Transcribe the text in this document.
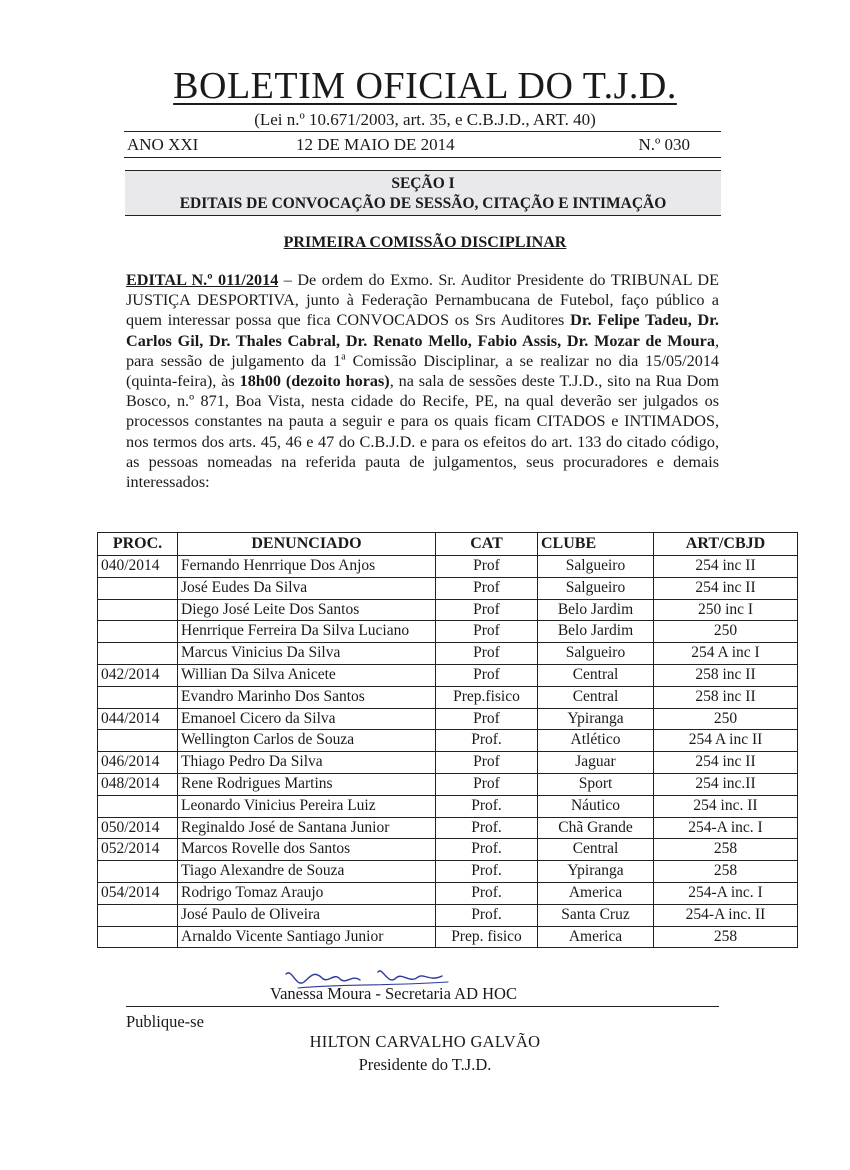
BOLETIM OFICIAL DO T.J.D.
(Lei n.º 10.671/2003, art. 35, e C.B.J.D., ART. 40)
ANO XXI	12 DE MAIO DE 2014	N.º 030
SEÇÃO I
EDITAIS DE CONVOCAÇÃO DE SESSÃO, CITAÇÃO E INTIMAÇÃO
PRIMEIRA COMISSÃO DISCIPLINAR
EDITAL N.º 011/2014 – De ordem do Exmo. Sr. Auditor Presidente do TRIBUNAL DE JUSTIÇA DESPORTIVA, junto à Federação Pernambucana de Futebol, faço público a quem interessar possa que fica CONVOCADOS os Srs Auditores Dr. Felipe Tadeu, Dr. Carlos Gil, Dr. Thales Cabral, Dr. Renato Mello, Fabio Assis, Dr. Mozar de Moura, para sessão de julgamento da 1$^a$ Comissão Disciplinar, a se realizar no dia 15/05/2014 (quinta-feira), às 18h00 (dezoito horas), na sala de sessões deste T.J.D., sito na Rua Dom Bosco, n.º 871, Boa Vista, nesta cidade do Recife, PE, na qual deverão ser julgados os processos constantes na pauta a seguir e para os quais ficam CITADOS e INTIMADOS, nos termos dos arts. 45, 46 e 47 do C.B.J.D. e para os efeitos do art. 133 do citado código, as pessoas nomeadas na referida pauta de julgamentos, seus procuradores e demais interessados:
PROC.	DENUNCIADO	CAT	CLUBE	ART/CBJD
040/2014	Fernando Henrrique Dos Anjos	Prof	Salgueiro	254 inc II
	José Eudes Da Silva	Prof	Salgueiro	254 inc II
	Diego José Leite Dos Santos	Prof	Belo Jardim	250 inc I
	Henrrique Ferreira Da Silva Luciano	Prof	Belo Jardim	250
	Marcus Vinicius Da Silva	Prof	Salgueiro	254 A inc I
042/2014	Willian Da Silva Anicete	Prof	Central	258 inc II
	Evandro Marinho Dos Santos	Prep.fisico	Central	258 inc II
044/2014	Emanoel Cicero da Silva	Prof	Ypiranga	250
	Wellington Carlos de Souza	Prof.	Atlético	254 A inc II
046/2014	Thiago Pedro Da Silva	Prof	Jaguar	254 inc II
048/2014	Rene Rodrigues Martins	Prof	Sport	254 inc.II
	Leonardo Vinicius Pereira Luiz	Prof.	Náutico	254 inc. II
050/2014	Reginaldo José de Santana Junior	Prof.	Chã Grande	254-A inc. I
052/2014	Marcos Rovelle dos Santos	Prof.	Central	258
	Tiago Alexandre de Souza	Prof.	Ypiranga	258
054/2014	Rodrigo Tomaz Araujo	Prof.	America	254-A inc. I
	José Paulo de Oliveira	Prof.	Santa Cruz	254-A inc. II
	Arnaldo Vicente Santiago Junior	Prep. fisico	America	258
Vanessa Moura - Secretaria AD HOC
Publique-se
HILTON CARVALHO GALVÃO
Presidente do T.J.D.
